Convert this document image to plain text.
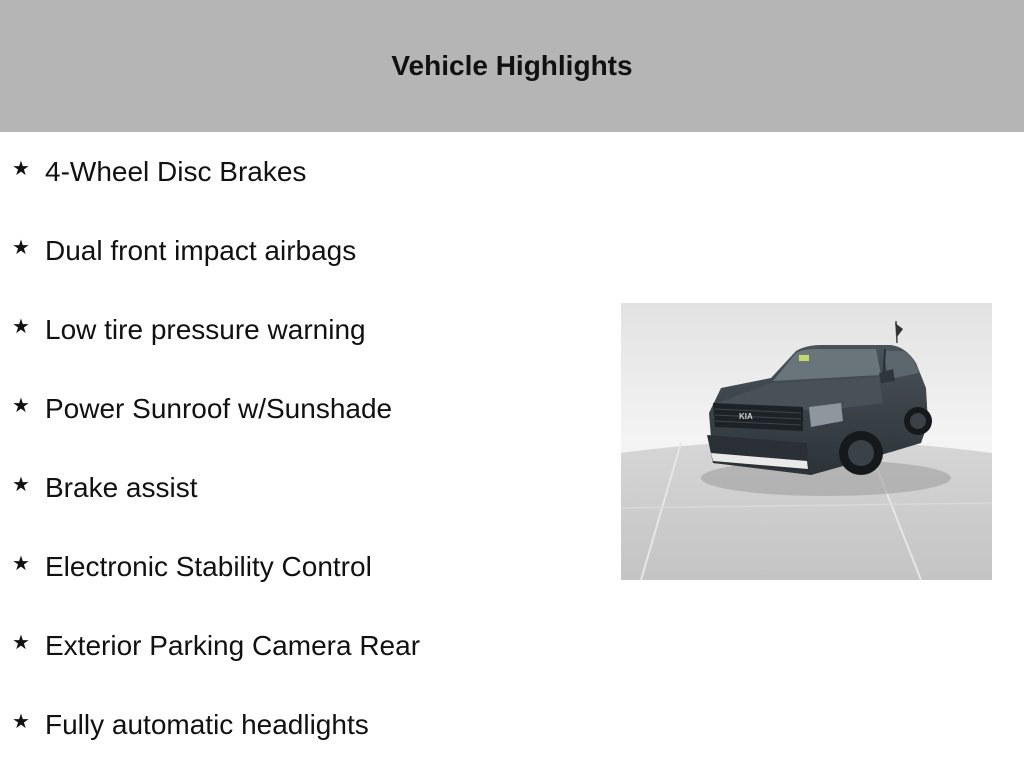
Vehicle Highlights
★ 4-Wheel Disc Brakes
★ Dual front impact airbags
★ Low tire pressure warning
★ Power Sunroof w/Sunshade
★ Brake assist
★ Electronic Stability Control
★ Exterior Parking Camera Rear
★ Fully automatic headlights
KIA
